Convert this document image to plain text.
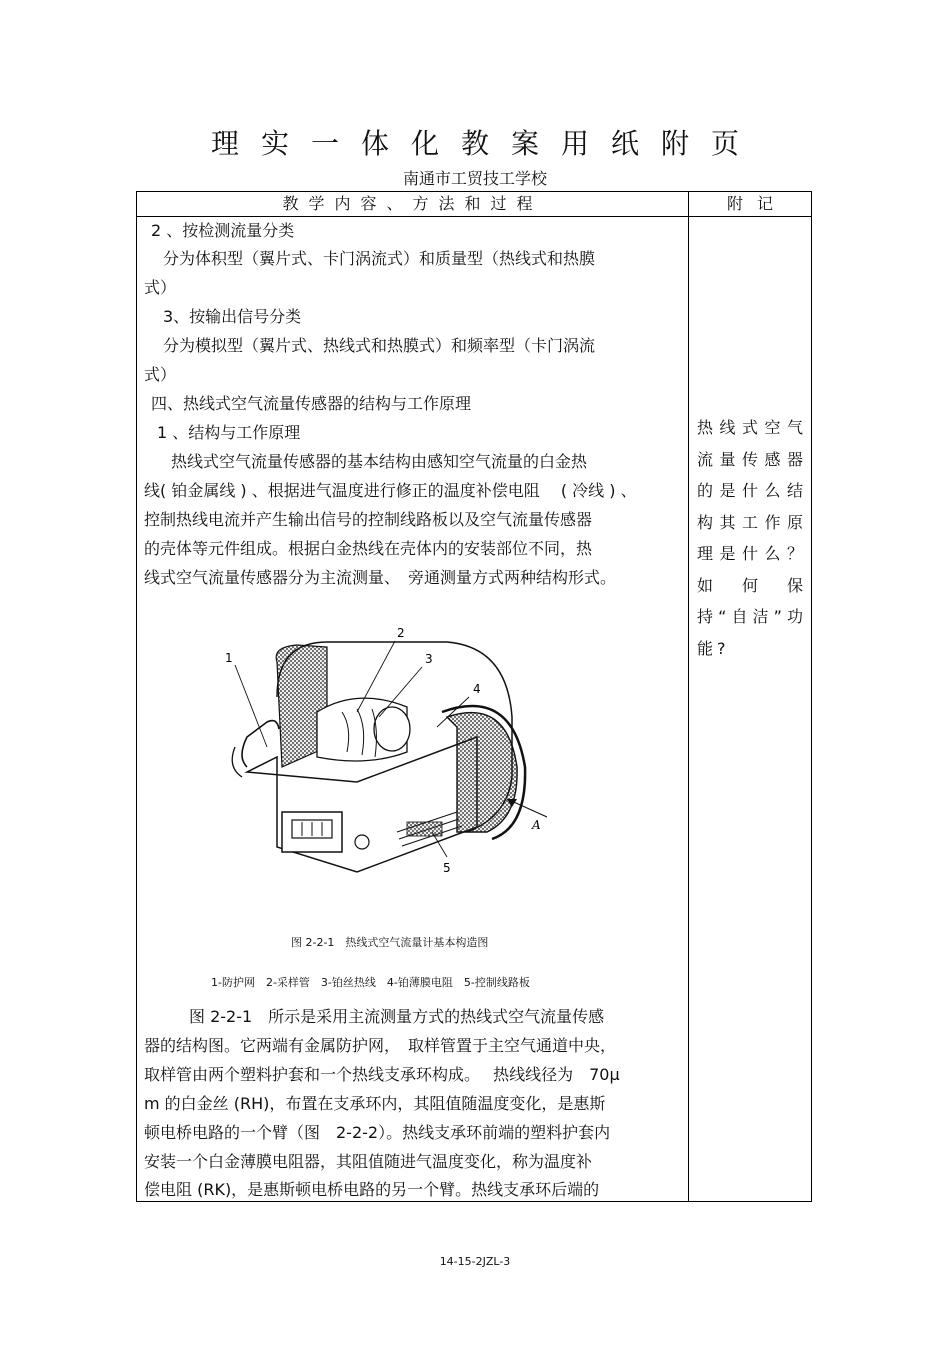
理实一体化教案用纸附页
南通市工贸技工学校
教学内容、方法和过程	附记
2 、按检测流量分类
分为体积型（翼片式、卡门涡流式）和质量型（热线式和热膜
式）
3、按输出信号分类
分为模拟型（翼片式、热线式和热膜式）和频率型（卡门涡流
式）
四、热线式空气流量传感器的结构与工作原理
1 、结构与工作原理
热线式空气流量传感器的基本结构由感知空气流量的白金热
线( 铂金属线 ) 、根据进气温度进行修正的温度补偿电阻　 ( 冷线 ) 、
控制热线电流并产生输出信号的控制线路板以及空气流量传感器
的壳体等元件组成。根据白金热线在壳体内的安装部位不同，热
线式空气流量传感器分为主流测量、　旁通测量方式两种结构形式。
热线式空气流量传感器的是什么结构其工作原理是什么？如何保持“自洁”功能?
1
2
3
4
5
A
图 2-2-1　热线式空气流量计基本构造图
1-防护网　2-采样管　3-铂丝热线　4-铂薄膜电阻　5-控制线路板
图 2-2-1　所示是采用主流测量方式的热线式空气流量传感
器的结构图。它两端有金属防护网，　取样管置于主空气通道中央，
取样管由两个塑料护套和一个热线支承环构成。　 热线线径为　70μ
m 的白金丝 (RH)，布置在支承环内，其阻值随温度变化，是惠斯
顿电桥电路的一个臂（图　2-2-2）。热线支承环前端的塑料护套内
安装一个白金薄膜电阻器，其阻值随进气温度变化，称为温度补
偿电阻 (RK)，是惠斯顿电桥电路的另一个臂。热线支承环后端的
14-15-2JZL-3
